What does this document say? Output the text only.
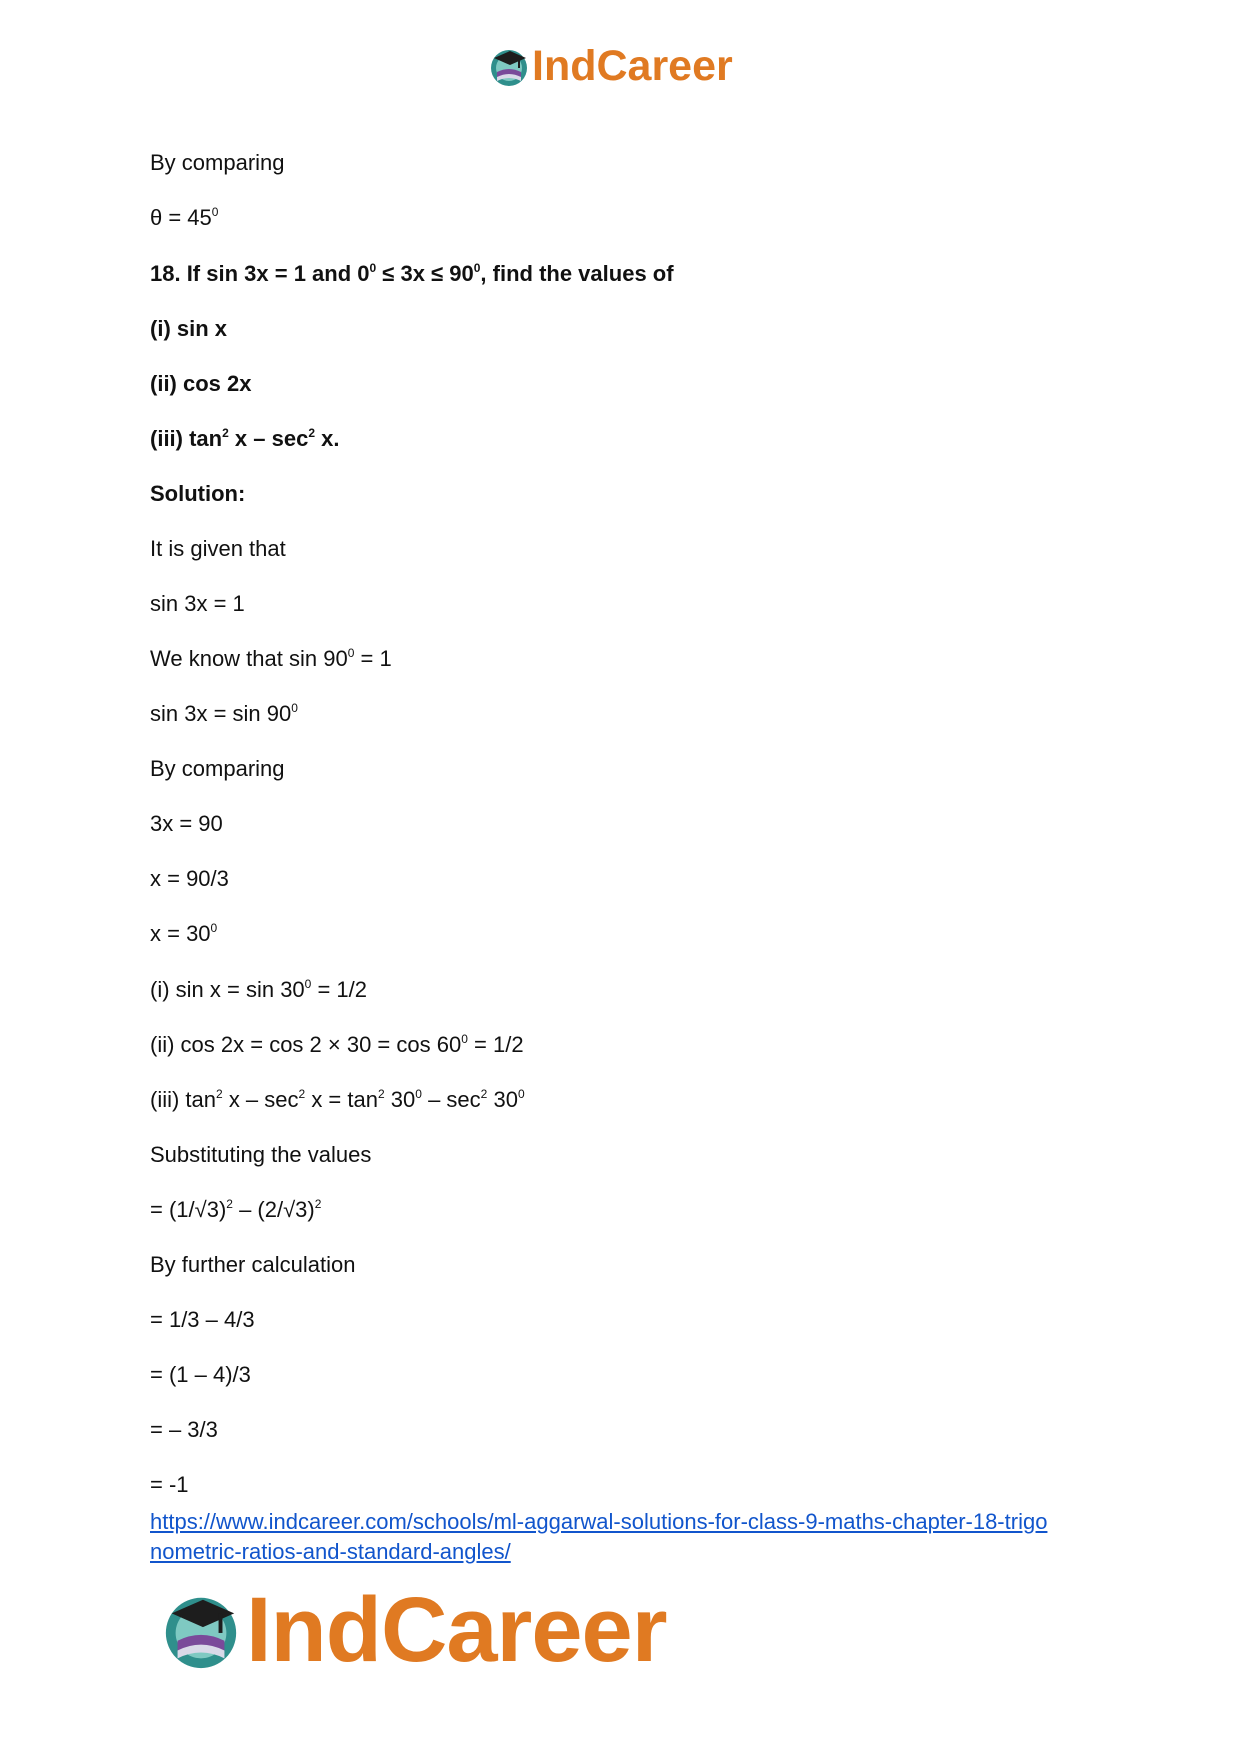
IndCareer
By comparing
$\theta = 45^0$
18. If sin 3x = 1 and $0^0 \le 3x \le 90^0$, find the values of
(i) sin x
(ii) cos 2x
(iii) $\tan^2 x - \sec^2 x$.
Solution:
It is given that
sin 3x = 1
We know that $\sin 90^0 = 1$
$\sin 3x = \sin 90^0$
By comparing
3x = 90
x = 90/3
$x = 30^0$
(i) $\sin x = \sin 30^0 = 1/2$
(ii) $\cos 2x = \cos 2 \times 30 = \cos 60^0 = 1/2$
(iii) $\tan^2 x - \sec^2 x = \tan^2 30^0 - \sec^2 30^0$
Substituting the values
= $(1/√3)^2 - (2/√3)^2$
By further calculation
= 1/3 – 4/3
= (1 – 4)/3
= – 3/3
= -1
https://www.indcareer.com/schools/ml-aggarwal-solutions-for-class-9-maths-chapter-18-trigo
nometric-ratios-and-standard-angles/
IndCareer
